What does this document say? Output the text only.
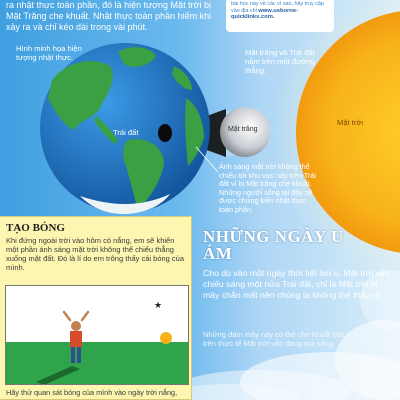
ra nhật thực toàn phần, đó là hiện tượng Mặt trời bị Mặt Trăng che khuất. Nhật thực toàn phần hiếm khi xảy ra và chỉ kéo dài trong vài phút.
bài học này về các vì sao, hãy truy cập vào địa chỉ www.usborne-quicklinks.com.
Hình minh họa hiện tượng nhật thực.
Mặt trăng và Trái đất nằm trên một đường thẳng.
Trái đất	Mặt trăng
Mặt trời
Ánh sáng mặt trời không thể chiếu tới khu vực này trên Trái đất vì bị Mặt trăng che khuất. Những người sống tại đây sẽ được chứng kiến nhật thực toàn phần.
TẠO BÓNG
Khi đứng ngoài trời vào hôm có nắng, em sẽ khiến một phần ánh sáng mặt trời không thể chiếu thẳng xuống mặt đất. Đó là lí do em trông thấy cái bóng của mình.
★
Hãy thử quan sát bóng của mình vào ngày trời nắng,
NHỮNG NGÀY U ÁM
Cho dù vào một ngày thời tiết âm u, Mặt trời vẫn chiếu sáng một nửa Trái đất, chỉ là Mặt trời bị mây chắn mất nên chúng ta không thể thấy rõ.
Những đám mây này có thể che khuất Mặt trời, nhưng trên thực tế Mặt trời vẫn đang toả sáng.
